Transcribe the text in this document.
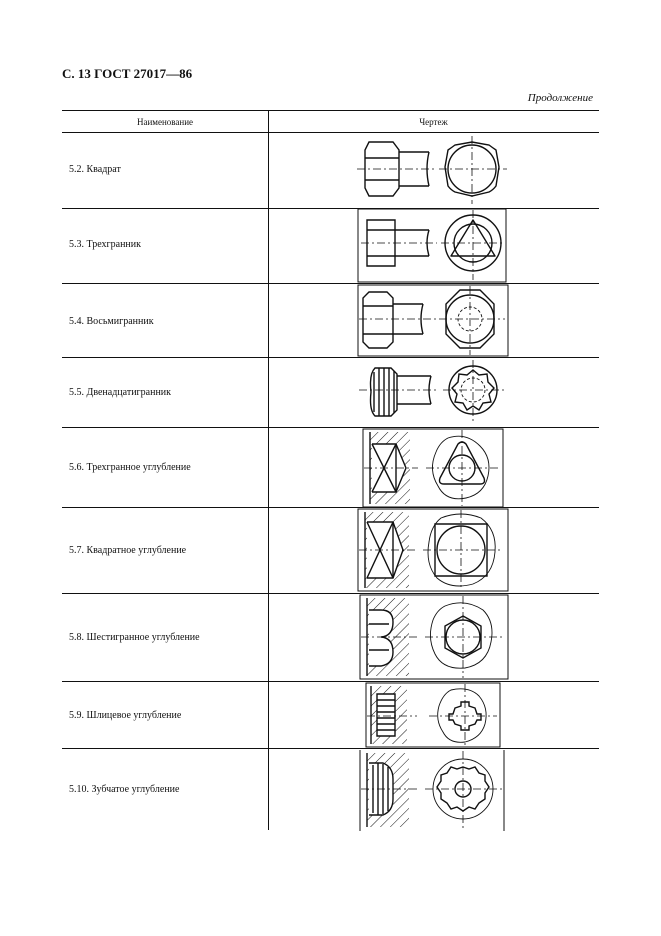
С. 13 ГОСТ 27017—86
Продолжение
Наименование	Чертеж
5.2. Квадрат
5.3. Трехгранник
5.4. Восьмигранник
5.5. Двенадцатигранник
5.6. Трехгранное углубление
5.7. Квадратное углубление
5.8. Шестигранное углубление
5.9. Шлицевое углубление
5.10. Зубчатое углубление
